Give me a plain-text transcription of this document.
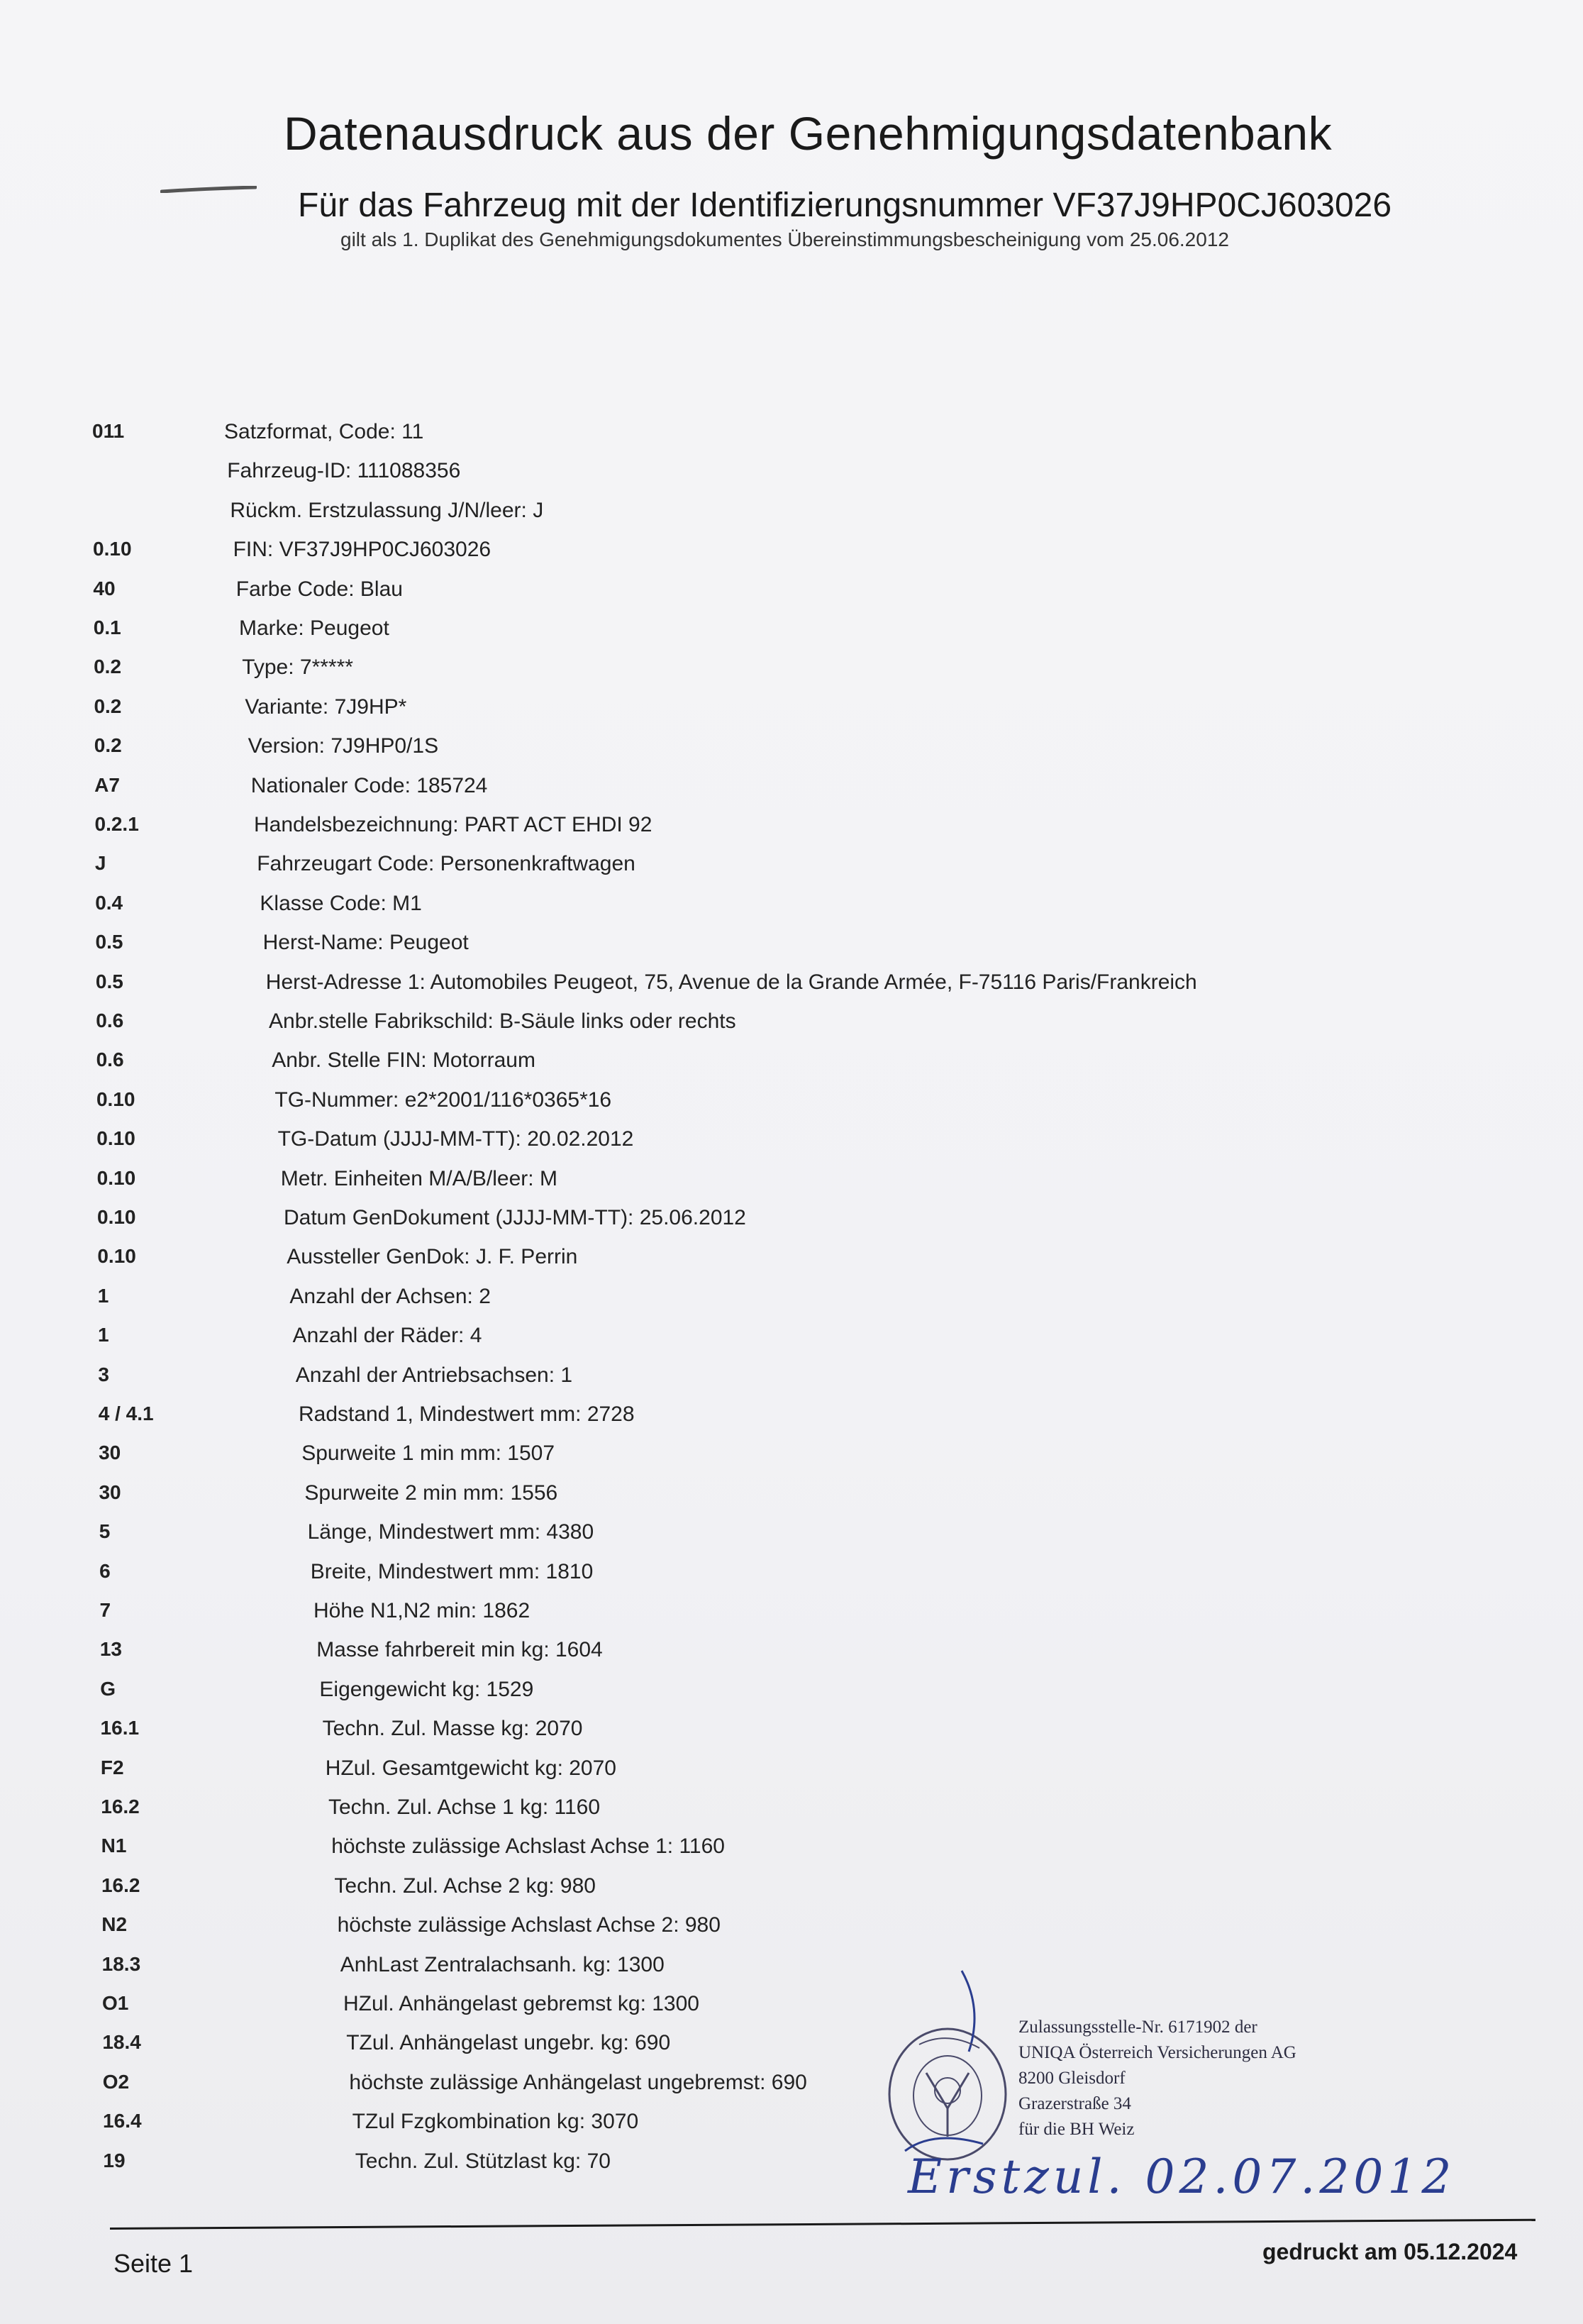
Datenausdruck aus der Genehmigungsdatenbank
Für das Fahrzeug mit der Identifizierungsnummer VF37J9HP0CJ603026
gilt als 1. Duplikat des Genehmigungsdokumentes Übereinstimmungsbescheinigung vom 25.06.2012
011	Satzformat, Code: 11
Fahrzeug-ID: 111088356
Rückm. Erstzulassung J/N/leer: J
0.10	FIN: VF37J9HP0CJ603026
40	Farbe Code: Blau
0.1	Marke: Peugeot
0.2	Type: 7*****
0.2	Variante: 7J9HP*
0.2	Version: 7J9HP0/1S
A7	Nationaler Code: 185724
0.2.1	Handelsbezeichnung: PART ACT EHDI 92
J	Fahrzeugart Code: Personenkraftwagen
0.4	Klasse Code: M1
0.5	Herst-Name: Peugeot
0.5	Herst-Adresse 1: Automobiles Peugeot, 75, Avenue de la Grande Armée, F-75116 Paris/Frankreich
0.6	Anbr.stelle Fabrikschild: B-Säule links oder rechts
0.6	Anbr. Stelle FIN: Motorraum
0.10	TG-Nummer: e2*2001/116*0365*16
0.10	TG-Datum (JJJJ-MM-TT): 20.02.2012
0.10	Metr. Einheiten M/A/B/leer: M
0.10	Datum GenDokument (JJJJ-MM-TT): 25.06.2012
0.10	Aussteller GenDok: J. F. Perrin
1	Anzahl der Achsen: 2
1	Anzahl der Räder: 4
3	Anzahl der Antriebsachsen: 1
4 / 4.1	Radstand 1, Mindestwert mm: 2728
30	Spurweite 1 min mm: 1507
30	Spurweite 2 min mm: 1556
5	Länge, Mindestwert mm: 4380
6	Breite, Mindestwert mm: 1810
7	Höhe N1,N2 min: 1862
13	Masse fahrbereit min kg: 1604
G	Eigengewicht kg: 1529
16.1	Techn. Zul. Masse kg: 2070
F2	HZul. Gesamtgewicht kg: 2070
16.2	Techn. Zul. Achse 1 kg: 1160
N1	höchste zulässige Achslast Achse 1: 1160
16.2	Techn. Zul. Achse 2 kg: 980
N2	höchste zulässige Achslast Achse 2: 980
18.3	AnhLast Zentralachsanh. kg: 1300
O1	HZul. Anhängelast gebremst kg: 1300
18.4	TZul. Anhängelast ungebr. kg: 690
O2	höchste zulässige Anhängelast ungebremst: 690
16.4	TZul Fzgkombination kg: 3070
19	Techn. Zul. Stützlast kg: 70
Zulassungsstelle-Nr. 6171902 der
UNIQA Österreich Versicherungen AG
8200 Gleisdorf
Grazerstraße 34
für die BH Weiz
Erstzul. 02.07.2012
Seite 1	gedruckt am 05.12.2024
